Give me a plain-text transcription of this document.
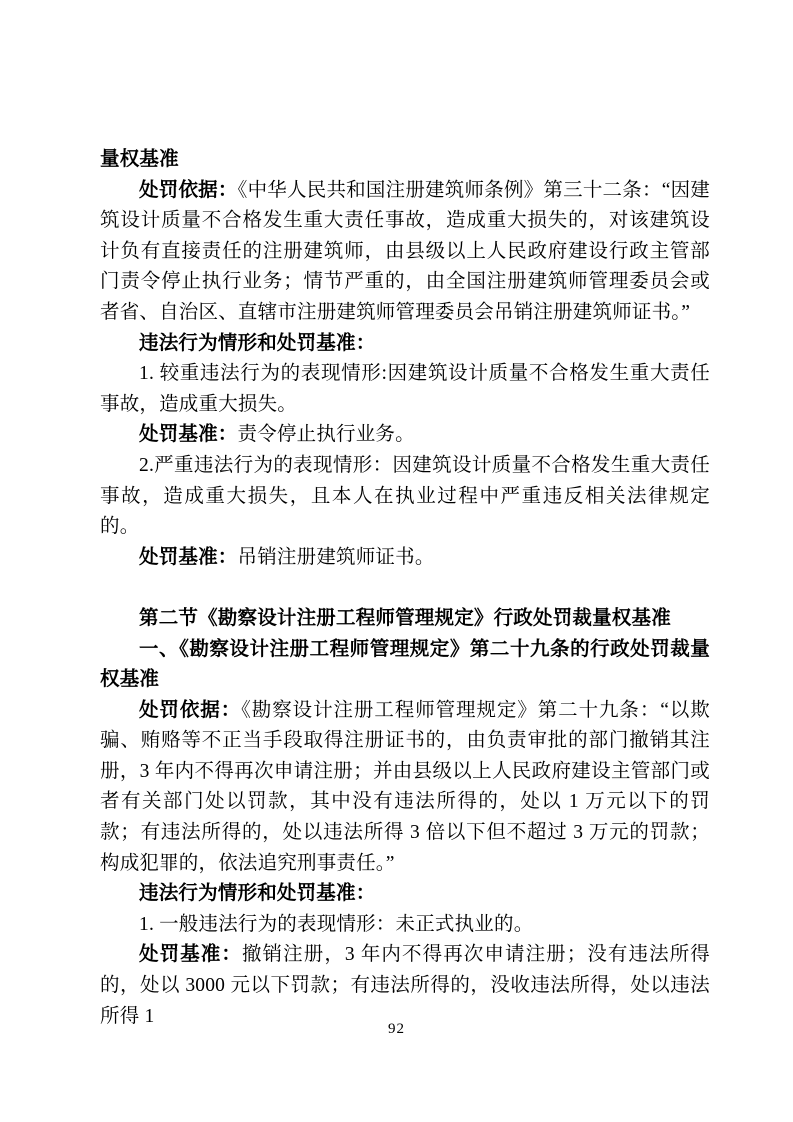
量权基准

处罚依据：《中华人民共和国注册建筑师条例》第三十二条：“因建筑设计质量不合格发生重大责任事故，造成重大损失的，对该建筑设计负有直接责任的注册建筑师，由县级以上人民政府建设行政主管部门责令停止执行业务；情节严重的，由全国注册建筑师管理委员会或者省、自治区、直辖市注册建筑师管理委员会吊销注册建筑师证书。”

违法行为情形和处罚基准：

1. 较重违法行为的表现情形:因建筑设计质量不合格发生重大责任事故，造成重大损失。

处罚基准：责令停止执行业务。

2.严重违法行为的表现情形：因建筑设计质量不合格发生重大责任事故，造成重大损失，且本人在执业过程中严重违反相关法律规定的。

处罚基准：吊销注册建筑师证书。

第二节《勘察设计注册工程师管理规定》行政处罚裁量权基准

一、《勘察设计注册工程师管理规定》第二十九条的行政处罚裁量权基准

处罚依据：《勘察设计注册工程师管理规定》第二十九条：“以欺骗、贿赂等不正当手段取得注册证书的，由负责审批的部门撤销其注册，3 年内不得再次申请注册；并由县级以上人民政府建设主管部门或者有关部门处以罚款，其中没有违法所得的，处以 1 万元以下的罚款；有违法所得的，处以违法所得 3 倍以下但不超过 3 万元的罚款；构成犯罪的，依法追究刑事责任。”

违法行为情形和处罚基准：

1. 一般违法行为的表现情形：未正式执业的。

处罚基准：撤销注册，3 年内不得再次申请注册；没有违法所得的，处以 3000 元以下罚款；有违法所得的，没收违法所得，处以违法所得 1

92
